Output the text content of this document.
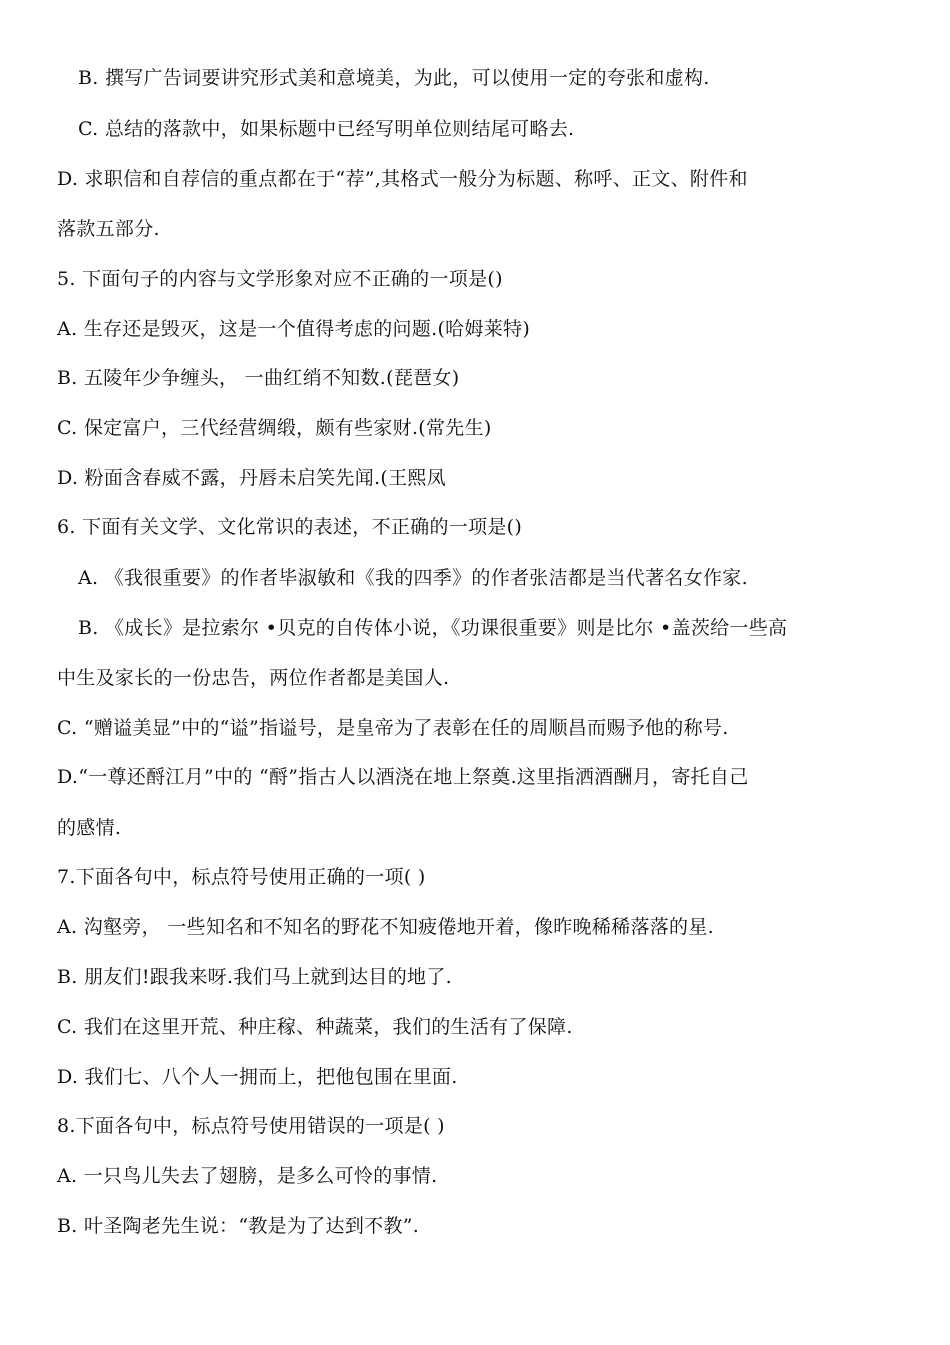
B. 撰写广告词要讲究形式美和意境美，为此，可以使用一定的夸张和虚构.
C. 总结的落款中，如果标题中已经写明单位则结尾可略去.
D. 求职信和自荐信的重点都在于“荐”,其格式一般分为标题、称呼、正文、附件和
落款五部分.
5. 下面句子的内容与文学形象对应不正确的一项是()
A. 生存还是毁灭，这是一个值得考虑的问题.(哈姆莱特)
B. 五陵年少争缠头， 一曲红绡不知数.(琵琶女)
C. 保定富户，三代经营绸缎，颇有些家财.(常先生)
D. 粉面含春威不露，丹唇未启笑先闻.(王熙凤
6. 下面有关文学、文化常识的表述，不正确的一项是()
A. 《我很重要》的作者毕淑敏和《我的四季》的作者张洁都是当代著名女作家.
B. 《成长》是拉索尔 •贝克的自传体小说，《功课很重要》则是比尔 •盖茨给一些高
中生及家长的一份忠告，两位作者都是美国人.
C. “赠谥美显”中的“谥”指谥号，是皇帝为了表彰在任的周顺昌而赐予他的称号.
D.“一尊还酹江月”中的 “酹”指古人以酒浇在地上祭奠.这里指洒酒酬月，寄托自己
的感情.
7.下面各句中，标点符号使用正确的一项( )
A. 沟壑旁， 一些知名和不知名的野花不知疲倦地开着，像昨晚稀稀落落的星.
B. 朋友们!跟我来呀.我们马上就到达目的地了.
C. 我们在这里开荒、种庄稼、种蔬菜，我们的生活有了保障.
D. 我们七、八个人一拥而上，把他包围在里面.
8.下面各句中，标点符号使用错误的一项是( )
A. 一只鸟儿失去了翅膀，是多么可怜的事情.
B. 叶圣陶老先生说：“教是为了达到不教”.
